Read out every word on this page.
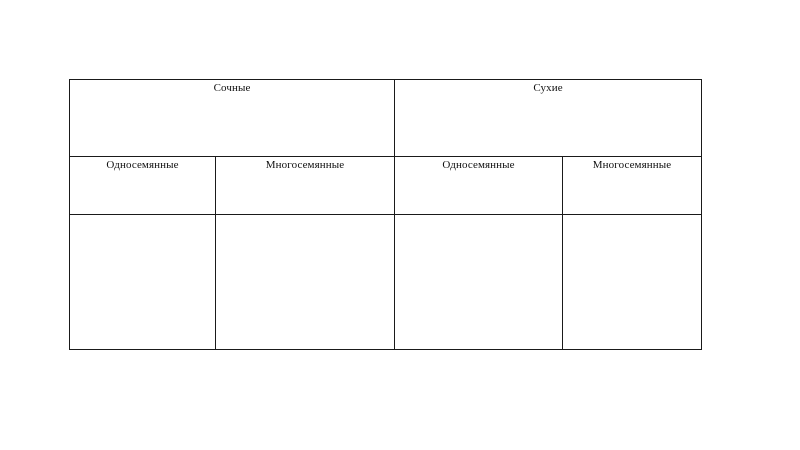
Сочные		Сухие	

Односемянные	Многосемянные	Односемянные	Многосемянные
